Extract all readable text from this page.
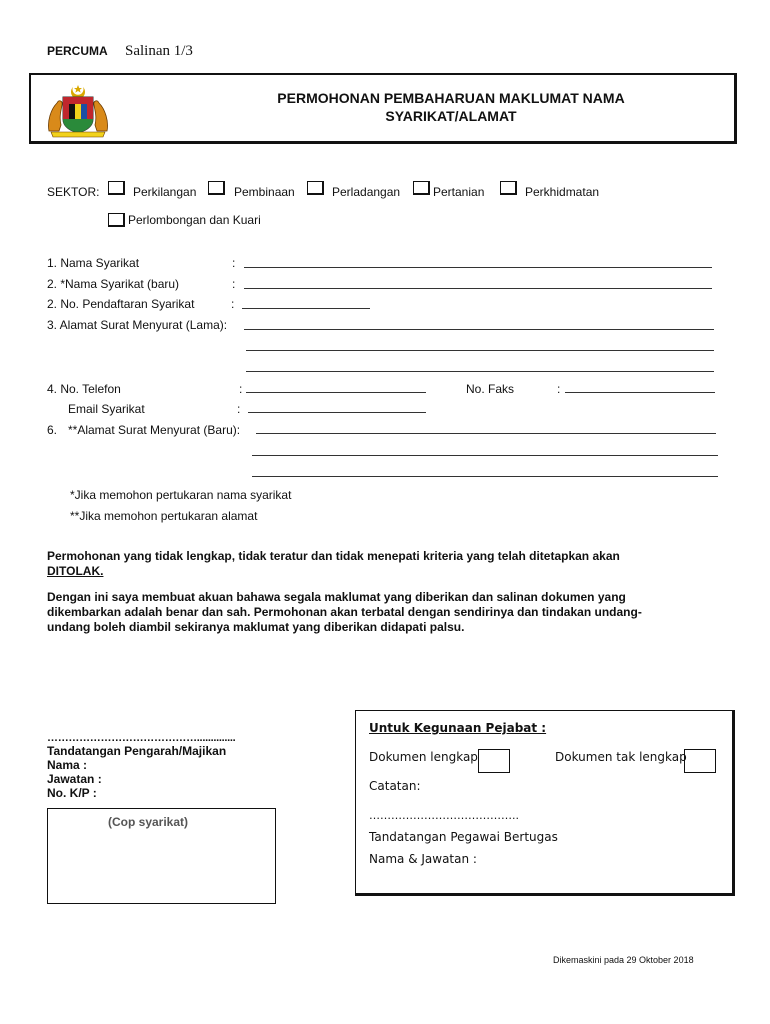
PERCUMA Salinan 1/3
PERMOHONAN PEMBAHARUAN MAKLUMAT NAMA
SYARIKAT/ALAMAT
SEKTOR:	Perkilangan	Pembinaan	Perladangan	Pertanian	Perkhidmatan
Perlombongan dan Kuari
1. Nama Syarikat	:
2. *Nama Syarikat (baru)	:
2. No. Pendaftaran Syarikat	:
3. Alamat Surat Menyurat (Lama):
4. No. Telefon	:	No. Faks	:
Email Syarikat	:
6. **Alamat Surat Menyurat (Baru):
*Jika memohon pertukaran nama syarikat
**Jika memohon pertukaran alamat
Permohonan yang tidak lengkap, tidak teratur dan tidak menepati kriteria yang telah ditetapkan akan
DITOLAK.
Dengan ini saya membuat akuan bahawa segala maklumat yang diberikan dan salinan dokumen yang
dikembarkan adalah benar dan sah. Permohonan akan terbatal dengan sendirinya dan tindakan undang-
undang boleh diambil sekiranya maklumat yang diberikan didapati palsu.
……………………………………..............
Tandatangan Pengarah/Majikan
Nama :
Jawatan :
No. K/P :
(Cop syarikat)
Untuk Kegunaan Pejabat :
Dokumen lengkap	Dokumen tak lengkap
Catatan:
…………………………………..
Tandatangan Pegawai Bertugas
Nama & Jawatan :
Dikemaskini pada 29 Oktober 2018
